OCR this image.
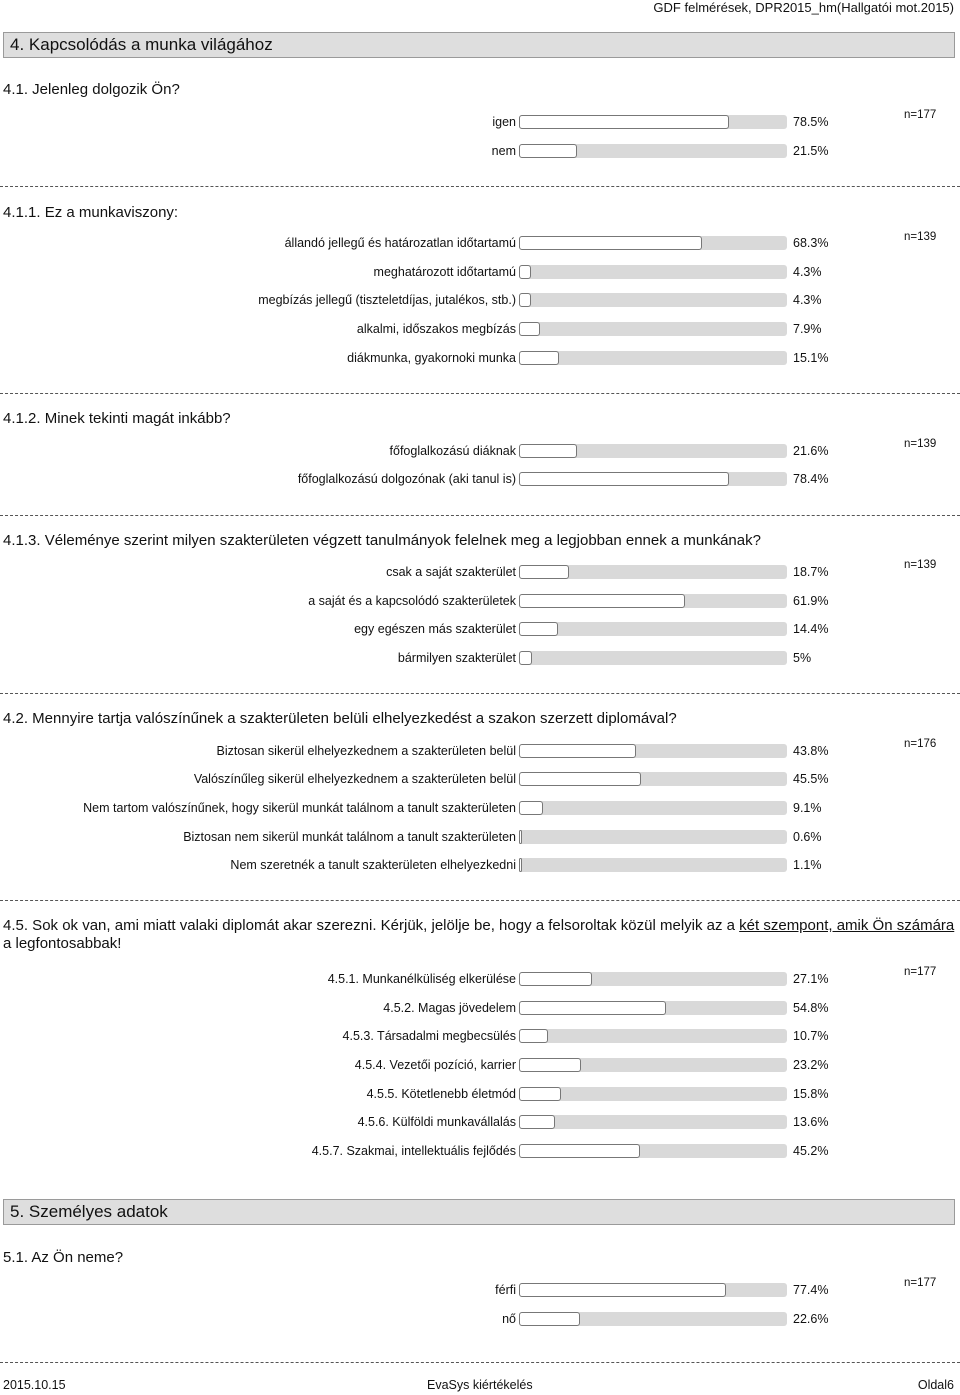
GDF felmérések, DPR2015_hm(Hallgatói mot.2015)
4. Kapcsolódás a munka világához
4.1. Jelenleg dolgozik Ön?
n=177
igen	78.5%
nem	21.5%
4.1.1. Ez a munkaviszony:
n=139
állandó jellegű és határozatlan időtartamú	68.3%
meghatározott időtartamú	4.3%
megbízás jellegű (tiszteletdíjas, jutalékos, stb.)	4.3%
alkalmi, időszakos megbízás	7.9%
diákmunka, gyakornoki munka	15.1%
4.1.2. Minek tekinti magát inkább?
n=139
főfoglalkozású diáknak	21.6%
főfoglalkozású dolgozónak (aki tanul is)	78.4%
4.1.3. Véleménye szerint milyen szakterületen végzett tanulmányok felelnek meg a legjobban ennek a munkának?
n=139
csak a saját szakterület	18.7%
a saját és a kapcsolódó szakterületek	61.9%
egy egészen más szakterület	14.4%
bármilyen szakterület	5%
4.2. Mennyire tartja valószínűnek a szakterületen belüli elhelyezkedést a szakon szerzett diplomával?
n=176
Biztosan sikerül elhelyezkednem a szakterületen belül	43.8%
Valószínűleg sikerül elhelyezkednem a szakterületen belül	45.5%
Nem tartom valószínűnek, hogy sikerül munkát találnom a tanult szakterületen	9.1%
Biztosan nem sikerül munkát találnom a tanult szakterületen	0.6%
Nem szeretnék a tanult szakterületen elhelyezkedni	1.1%
4.5. Sok ok van, ami miatt valaki diplomát akar szerezni. Kérjük, jelölje be, hogy a felsoroltak közül melyik az a két szempont, amik Ön számára a legfontosabbak!
n=177
4.5.1. Munkanélküliség elkerülése	27.1%
4.5.2. Magas jövedelem	54.8%
4.5.3. Társadalmi megbecsülés	10.7%
4.5.4. Vezetői pozíció, karrier	23.2%
4.5.5. Kötetlenebb életmód	15.8%
4.5.6. Külföldi munkavállalás	13.6%
4.5.7. Szakmai, intellektuális fejlődés	45.2%
5. Személyes adatok
5.1. Az Ön neme?
n=177
férfi	77.4%
nő	22.6%
2015.10.15	EvaSys kiértékelés	Oldal6
